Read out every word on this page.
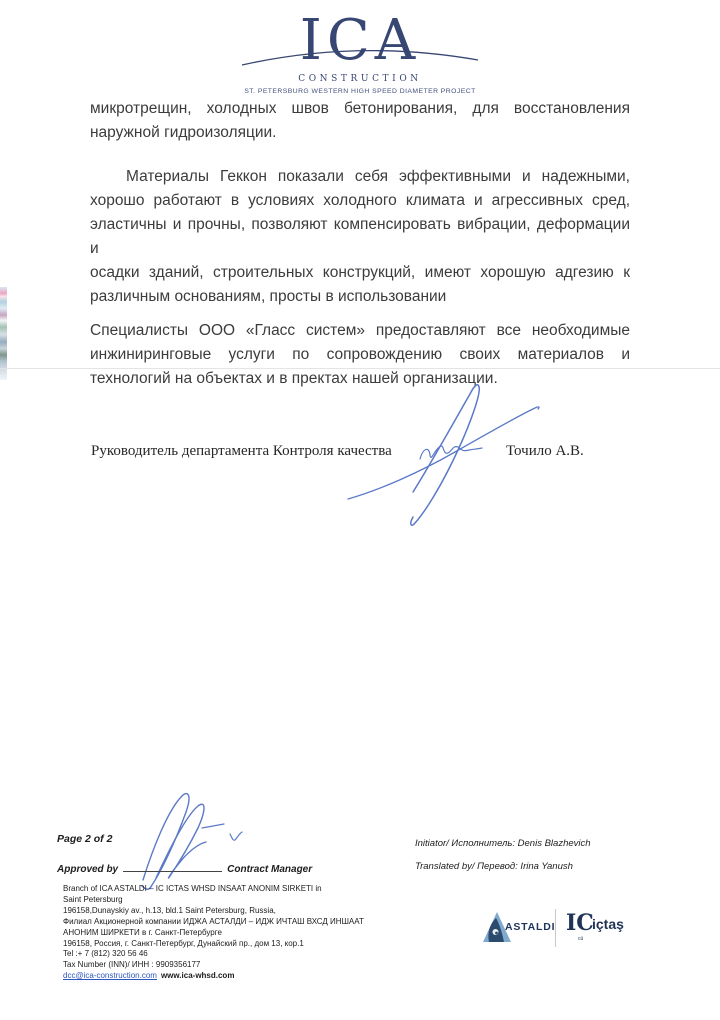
ICA
CONSTRUCTION
ST. PETERSBURG WESTERN HIGH SPEED DIAMETER PROJECT
микротрещин, холодных швов бетонирования, для восстановления
наружной гидроизоляции.
Материалы Геккон показали себя эффективными и надежными,
хорошо работают в условиях холодного климата и агрессивных сред,
эластичны и прочны, позволяют компенсировать вибрации, деформации и
осадки зданий, строительных конструкций, имеют хорошую адгезию к
различным основаниям, просты в использовании
Специалисты ООО «Гласс систем» предоставляют все необходимые
инжиниринговые услуги по сопровождению своих материалов и
технологий на объектах и в пректах нашей организации.
Руководитель департамента Контроля качества	Точило А.В.
Page 2 of 2
Approved by	Contract Manager
Initiator/ Исполнитель: Denis Blazhevich
Translated by/ Перевод: Irina Yanush
Branch of ICA ASTALDI – IC ICTAS WHSD INSAAT ANONIM SIRKETI in
Saint Petersburg
196158,Dunayskiy av., h.13, bld.1 Saint Petersburg, Russia,
Филиал Акционерной компании ИДЖА АСТАЛДИ – ИДЖ ИЧТАШ ВХСД ИНШААТ
АНОНИМ ШИРКЕТИ в г. Санкт-Петербурге
196158, Россия, г. Санкт-Петербург, Дунайский пр., дом 13, кор.1
Tel :+ 7 (812) 320 56 46
Tax Number (INN)/ ИНН : 9909356177
dcc@ica-construction.com www.ica-whsd.com
ASTALDI IC
cü
içtaş
